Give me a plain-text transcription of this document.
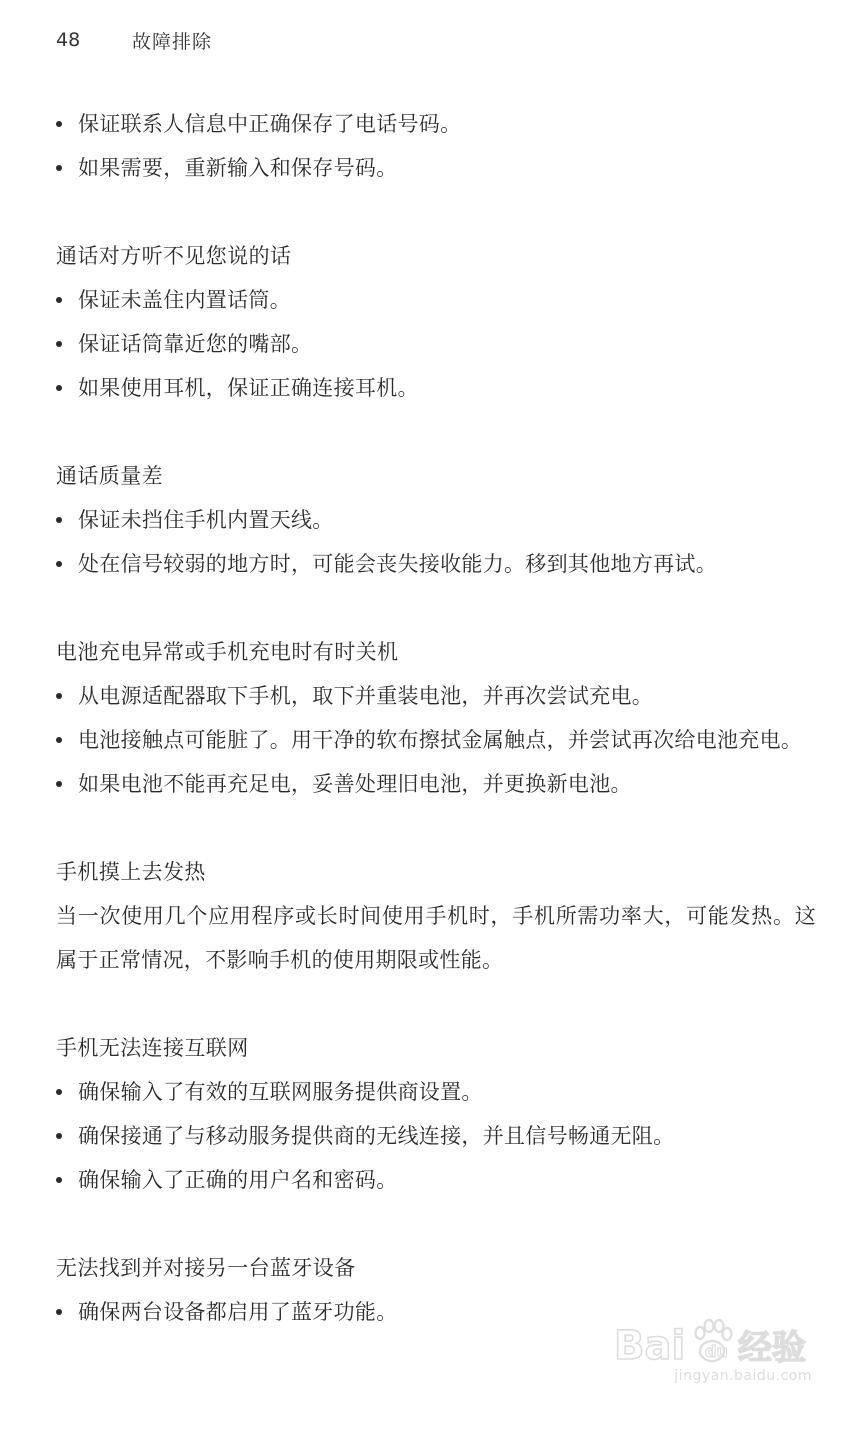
48	故障排除
保证联系人信息中正确保存了电话号码。
如果需要，重新输入和保存号码。
通话对方听不见您说的话
保证未盖住内置话筒。
保证话筒靠近您的嘴部。
如果使用耳机，保证正确连接耳机。
通话质量差
保证未挡住手机内置天线。
处在信号较弱的地方时，可能会丧失接收能力。移到其他地方再试。
电池充电异常或手机充电时有时关机
从电源适配器取下手机，取下并重装电池，并再次尝试充电。
电池接触点可能脏了。用干净的软布擦拭金属触点，并尝试再次给电池充电。
如果电池不能再充足电，妥善处理旧电池，并更换新电池。
手机摸上去发热

当一次使用几个应用程序或长时间使用手机时，手机所需功率大，可能发热。这属于正常情况，不影响手机的使用期限或性能。

手机无法连接互联网
确保输入了有效的互联网服务提供商设置。
确保接通了与移动服务提供商的无线连接，并且信号畅通无阻。
确保输入了正确的用户名和密码。
无法找到并对接另一台蓝牙设备
确保两台设备都启用了蓝牙功能。
Bai du 经验
jingyan.baidu.com
